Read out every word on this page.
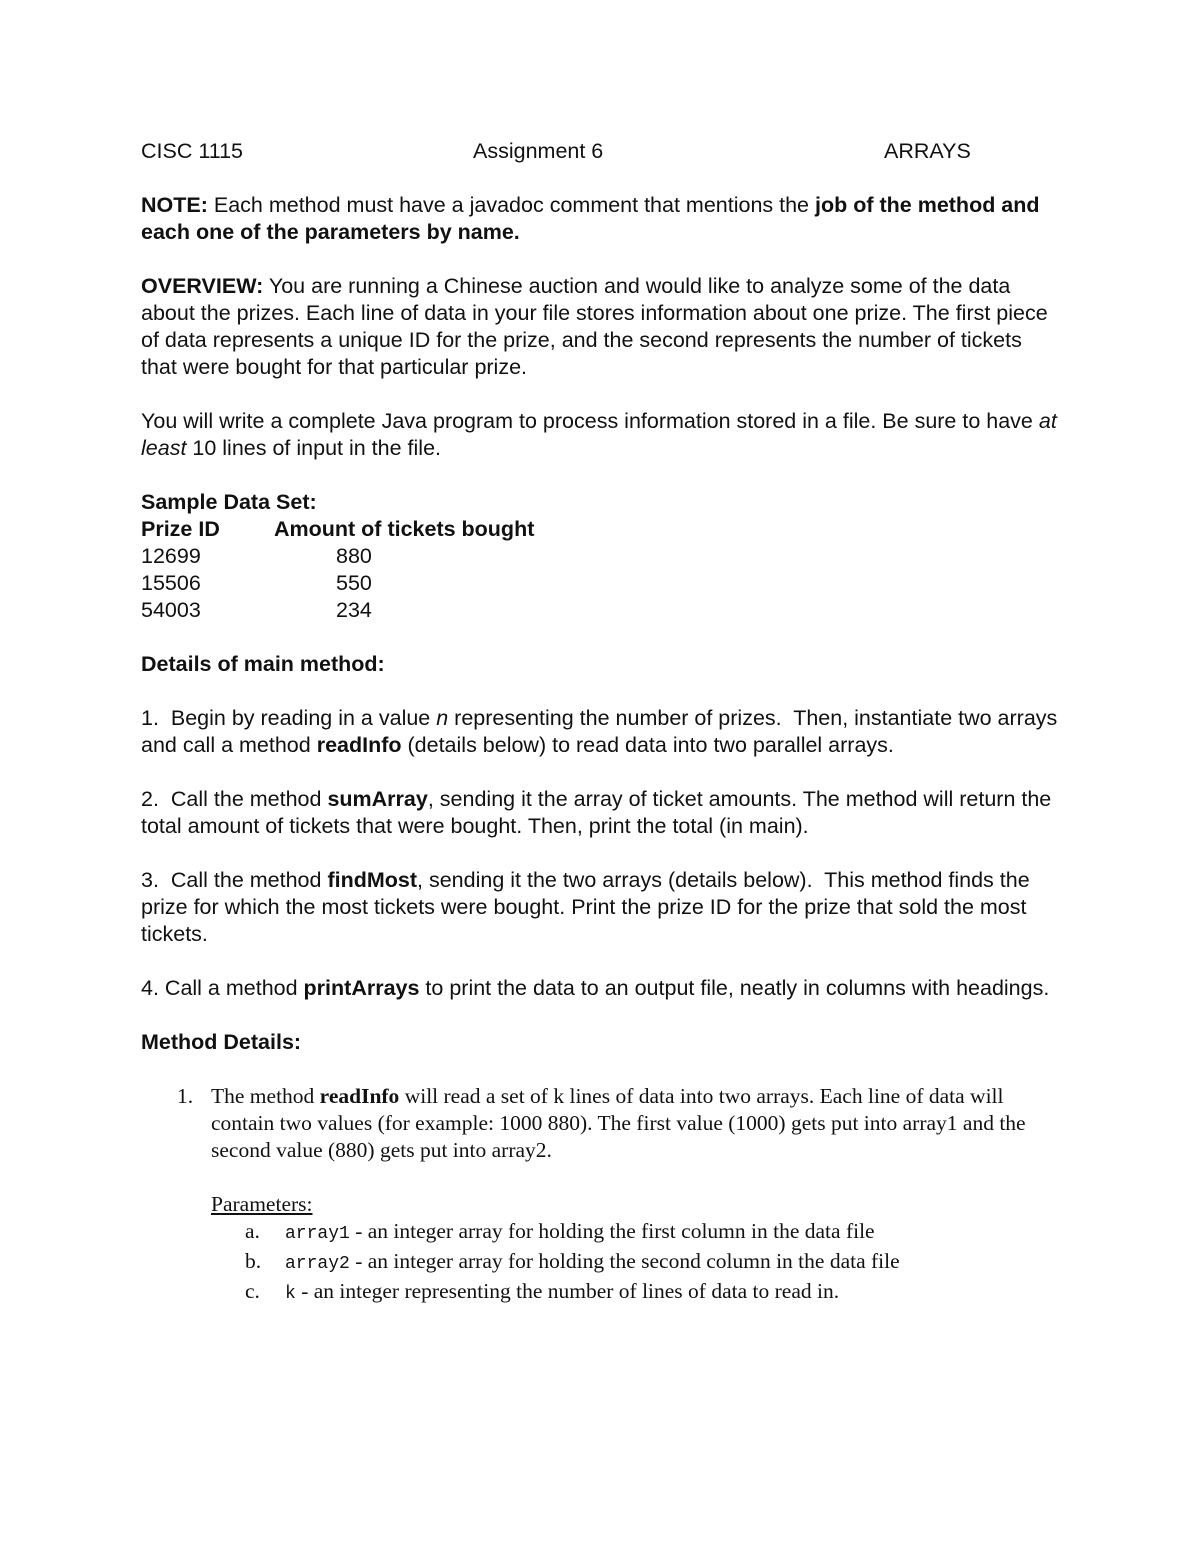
CISC 1115	Assignment 6	ARRAYS

NOTE: Each method must have a javadoc comment that mentions the job of the method and each one of the parameters by name.

OVERVIEW: You are running a Chinese auction and would like to analyze some of the data about the prizes. Each line of data in your file stores information about one prize. The first piece of data represents a unique ID for the prize, and the second represents the number of tickets that were bought for that particular prize.

You will write a complete Java program to process information stored in a file. Be sure to have at least 10 lines of input in the file.

Sample Data Set:

Prize ID	Amount of tickets bought
12699	880
15506	550
54003	234

Details of main method:

1.  Begin by reading in a value n representing the number of prizes.  Then, instantiate two arrays and call a method readInfo (details below) to read data into two parallel arrays.

2.  Call the method sumArray, sending it the array of ticket amounts. The method will return the total amount of tickets that were bought. Then, print the total (in main).

3.  Call the method findMost, sending it the two arrays (details below).  This method finds the prize for which the most tickets were bought. Print the prize ID for the prize that sold the most tickets.

4. Call a method printArrays to print the data to an output file, neatly in columns with headings.

Method Details:

1. The method readInfo will read a set of k lines of data into two arrays. Each line of data will contain two values (for example: 1000 880). The first value (1000) gets put into array1 and the second value (880) gets put into array2.

Parameters:

a. array1 - an integer array for holding the first column in the data file
b. array2 - an integer array for holding the second column in the data file
c. k - an integer representing the number of lines of data to read in.
